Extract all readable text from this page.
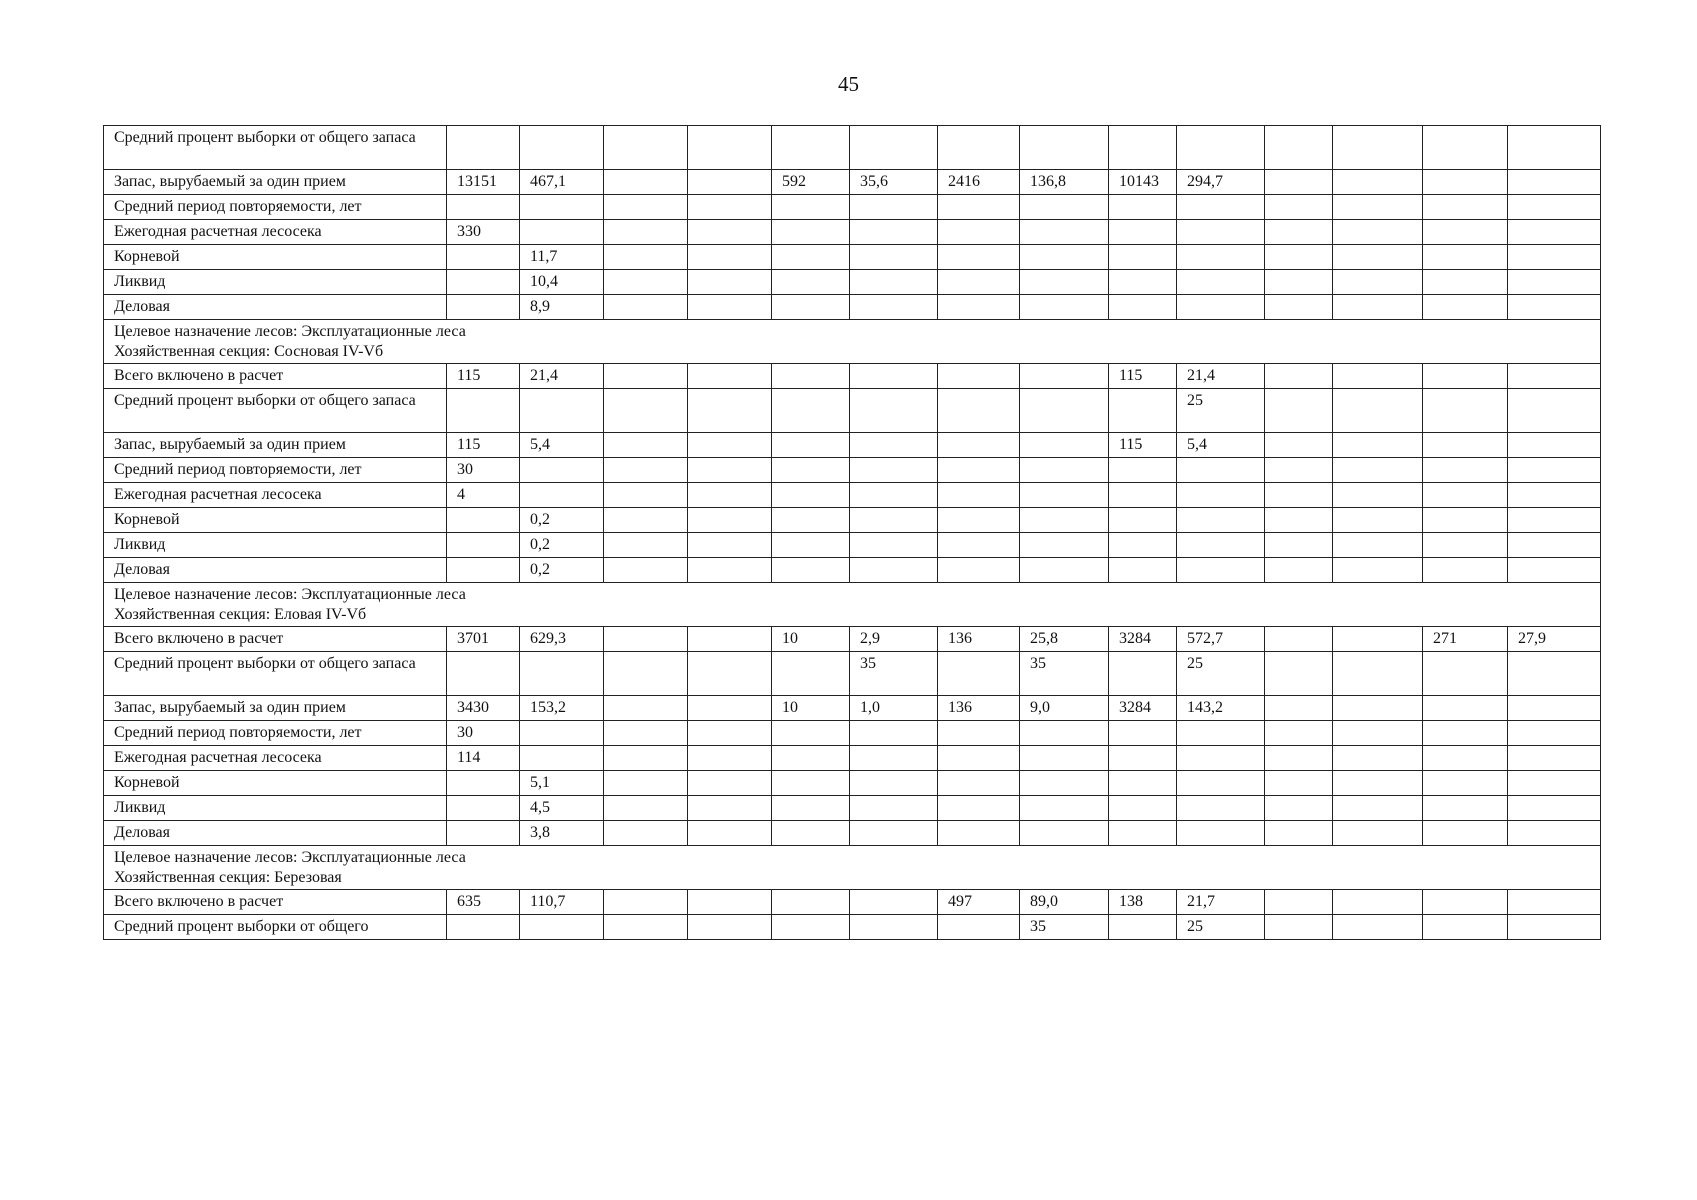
45
Средний процент выборки от общего запаса														
Запас, вырубаемый за один прием	13151	467,1			592	35,6	2416	136,8	10143	294,7				
Средний период повторяемости, лет														
Ежегодная расчетная лесосека	330													
Корневой		11,7												
Ликвид		10,4												
Деловая		8,9												

Целевое назначение лесов: Эксплуатационные леса
Хозяйственная секция: Сосновая IV-Vб														

Всего включено в расчет	115	21,4							115	21,4				
Средний процент выборки от общего запаса										25				
Запас, вырубаемый за один прием	115	5,4							115	5,4				
Средний период повторяемости, лет	30													
Ежегодная расчетная лесосека	4													
Корневой		0,2												
Ликвид		0,2												
Деловая		0,2												

Целевое назначение лесов: Эксплуатационные леса
Хозяйственная секция: Еловая IV-Vб														

Всего включено в расчет	3701	629,3			10	2,9	136	25,8	3284	572,7			271	27,9
Средний процент выборки от общего запаса						35		35		25				
Запас, вырубаемый за один прием	3430	153,2			10	1,0	136	9,0	3284	143,2				
Средний период повторяемости, лет	30													
Ежегодная расчетная лесосека	114													
Корневой		5,1												
Ликвид		4,5												
Деловая		3,8												

Целевое назначение лесов: Эксплуатационные леса
Хозяйственная секция: Березовая														

Всего включено в расчет	635	110,7					497	89,0	138	21,7				
Средний процент выборки от общего								35		25				
